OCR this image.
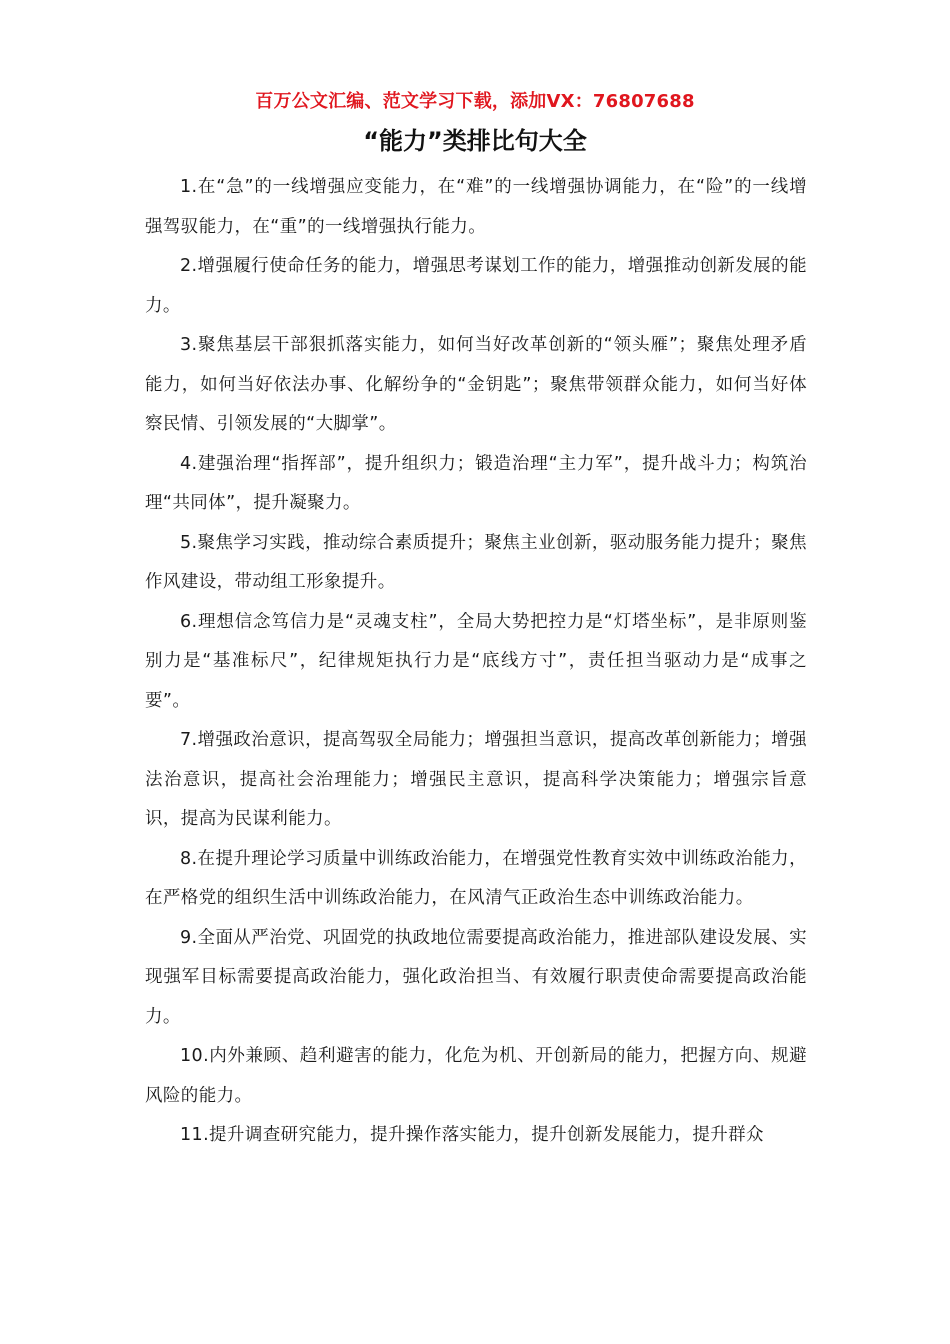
百万公文汇编、范文学习下载，添加VX：76807688
“能力”类排比句大全

1.在“急”的一线增强应变能力，在“难”的一线增强协调能力，在“险”的一线增强驾驭能力，在“重”的一线增强执行能力。

2.增强履行使命任务的能力，增强思考谋划工作的能力，增强推动创新发展的能力。

3.聚焦基层干部狠抓落实能力，如何当好改革创新的“领头雁”；聚焦处理矛盾能力，如何当好依法办事、化解纷争的“金钥匙”；聚焦带领群众能力，如何当好体察民情、引领发展的“大脚掌”。

4.建强治理“指挥部”，提升组织力；锻造治理“主力军”，提升战斗力；构筑治理“共同体”，提升凝聚力。

5.聚焦学习实践，推动综合素质提升；聚焦主业创新，驱动服务能力提升；聚焦作风建设，带动组工形象提升。

6.理想信念笃信力是“灵魂支柱”，全局大势把控力是“灯塔坐标”，是非原则鉴别力是“基准标尺”，纪律规矩执行力是“底线方寸”，责任担当驱动力是“成事之要”。

7.增强政治意识，提高驾驭全局能力；增强担当意识，提高改革创新能力；增强法治意识，提高社会治理能力；增强民主意识，提高科学决策能力；增强宗旨意识，提高为民谋利能力。

8.在提升理论学习质量中训练政治能力，在增强党性教育实效中训练政治能力，在严格党的组织生活中训练政治能力，在风清气正政治生态中训练政治能力。

9.全面从严治党、巩固党的执政地位需要提高政治能力，推进部队建设发展、实现强军目标需要提高政治能力，强化政治担当、有效履行职责使命需要提高政治能力。

10.内外兼顾、趋利避害的能力，化危为机、开创新局的能力，把握方向、规避风险的能力。

11.提升调查研究能力，提升操作落实能力，提升创新发展能力，提升群众
